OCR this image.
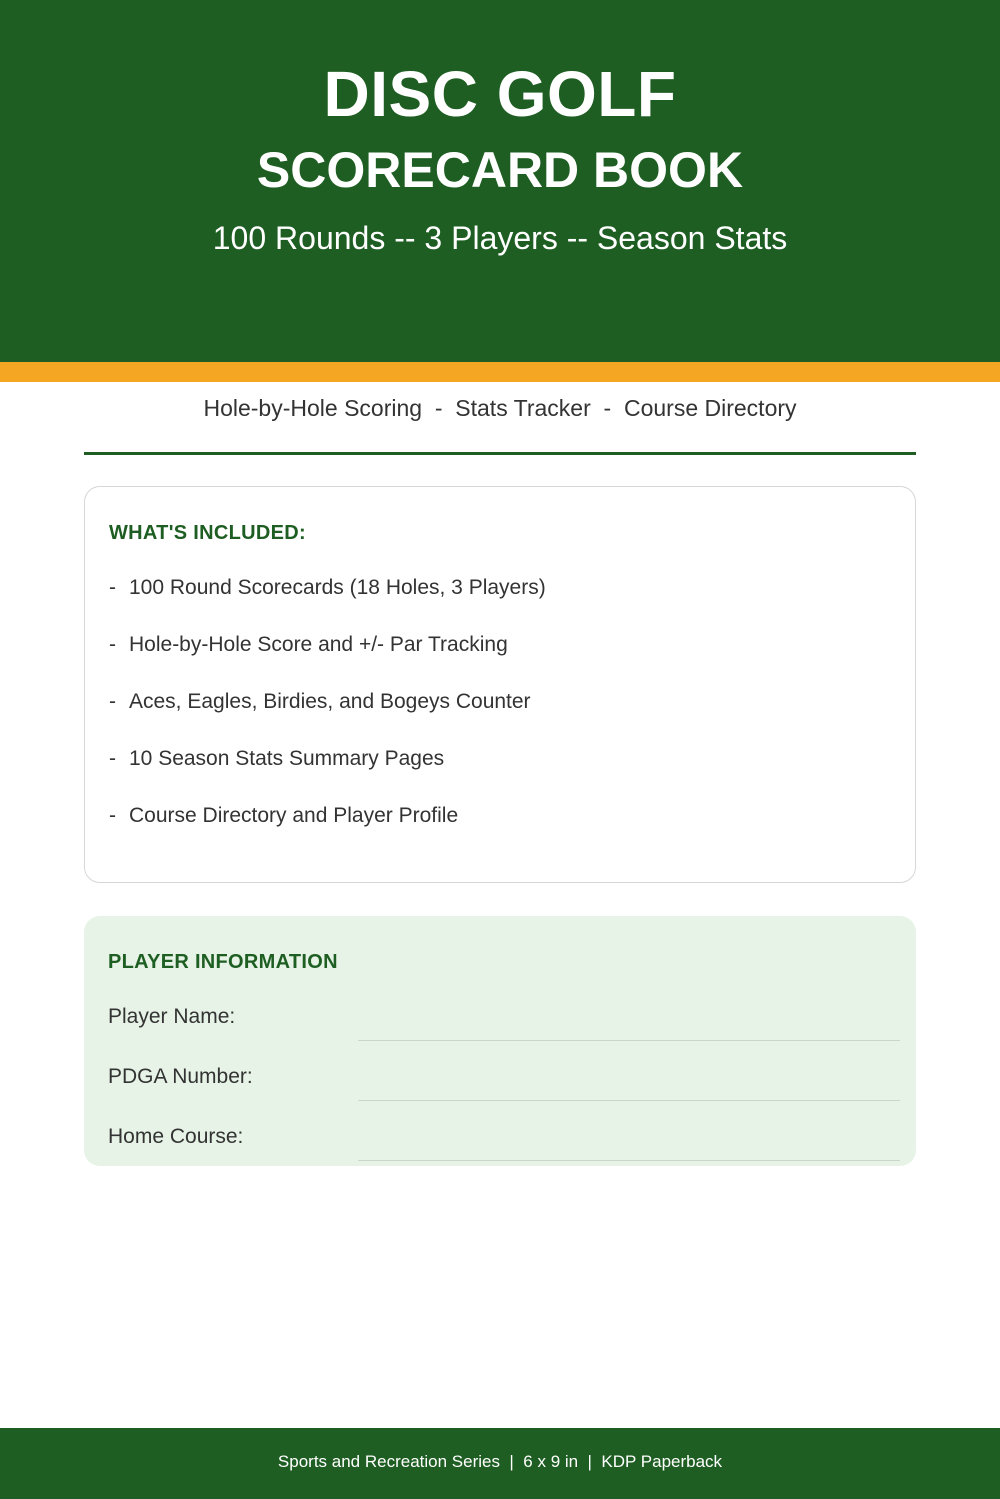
DISC GOLF
SCORECARD BOOK
100 Rounds -- 3 Players -- Season Stats
Hole-by-Hole Scoring  -  Stats Tracker  -  Course Directory
WHAT'S INCLUDED:
- 100 Round Scorecards (18 Holes, 3 Players)
- Hole-by-Hole Score and +/- Par Tracking
- Aces, Eagles, Birdies, and Bogeys Counter
- 10 Season Stats Summary Pages
- Course Directory and Player Profile
PLAYER INFORMATION
Player Name:
PDGA Number:
Home Course:
Sports and Recreation Series  |  6 x 9 in  |  KDP Paperback
